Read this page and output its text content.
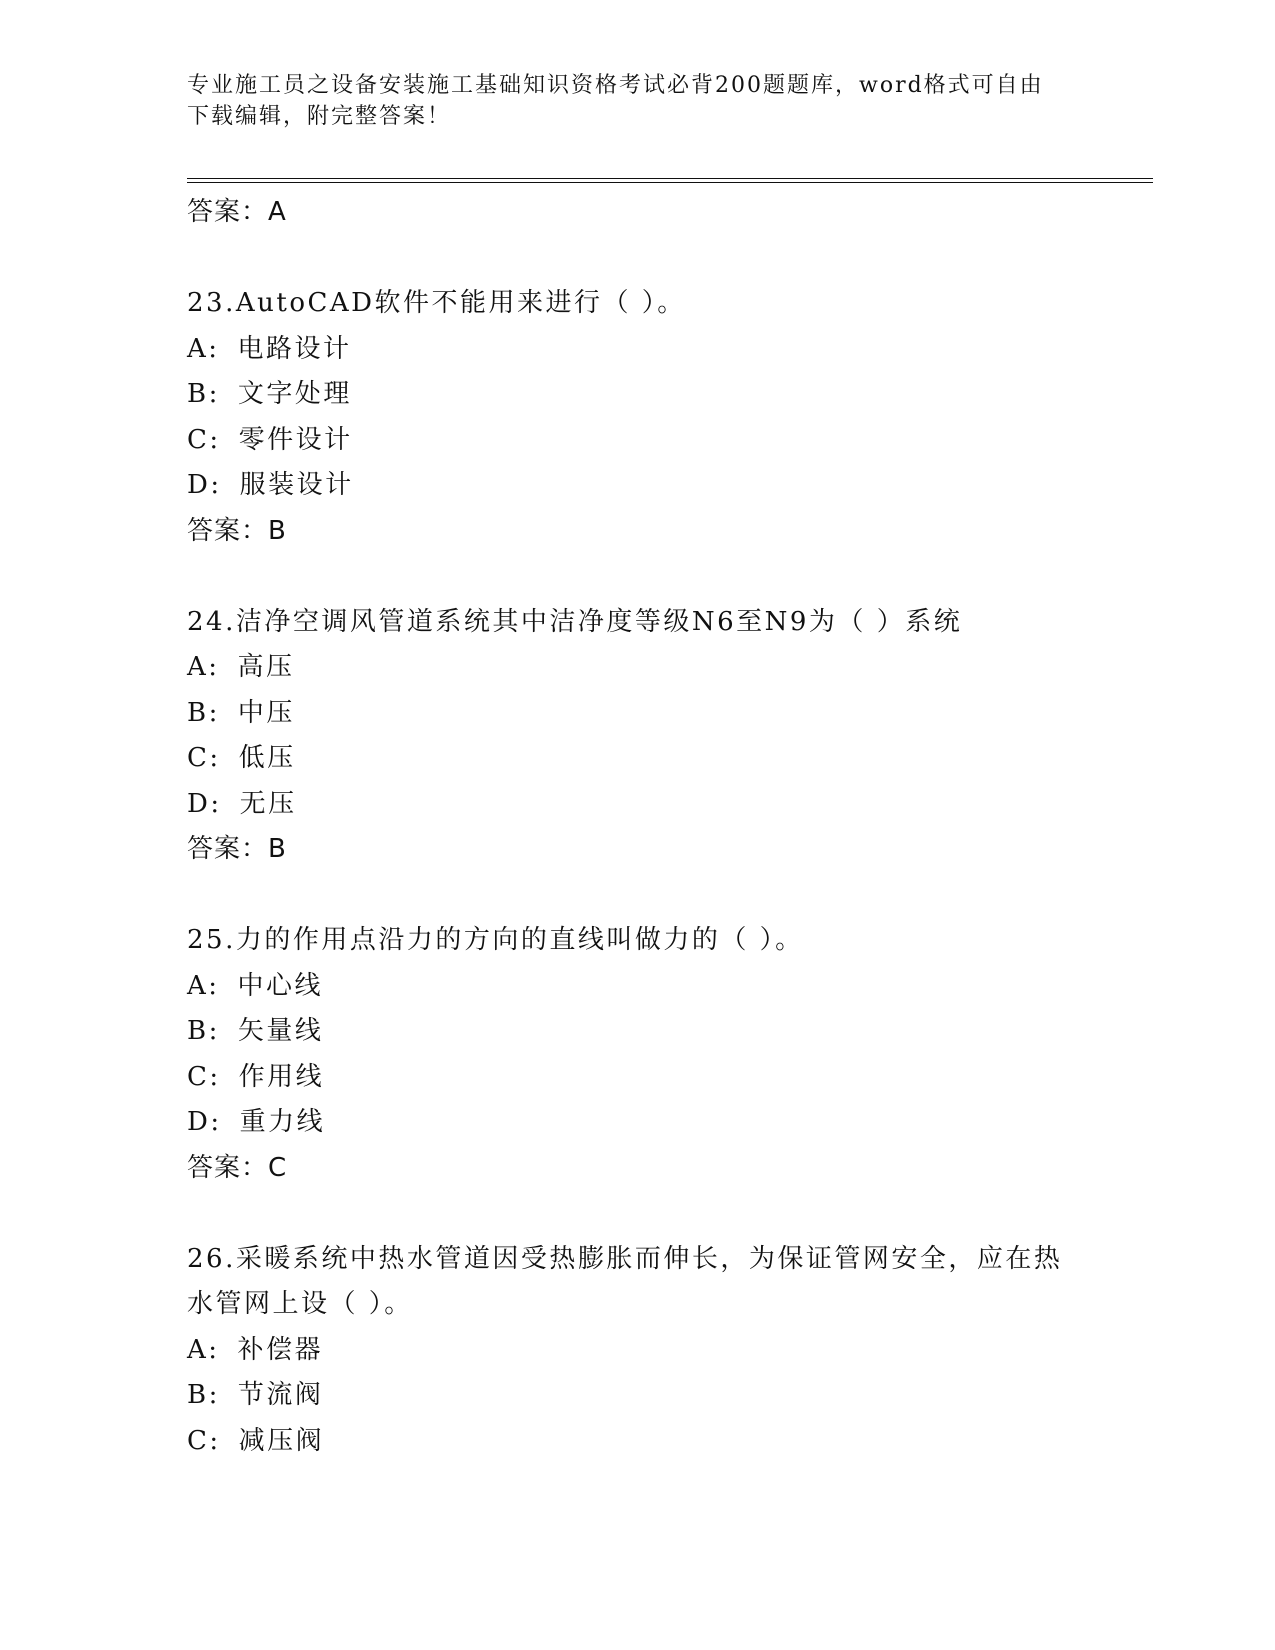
专业施工员之设备安装施工基础知识资格考试必背200题题库，word格式可自由
下载编辑，附完整答案！
答案：A
23.AutoCAD软件不能用来进行（ ）。
A: 电路设计
B: 文字处理
C: 零件设计
D: 服装设计
答案：B
24.洁净空调风管道系统其中洁净度等级N6至N9为（ ）系统
A: 高压
B: 中压
C: 低压
D: 无压
答案：B
25.力的作用点沿力的方向的直线叫做力的（ ）。
A: 中心线
B: 矢量线
C: 作用线
D: 重力线
答案：C
26.采暖系统中热水管道因受热膨胀而伸长，为保证管网安全，应在热
水管网上设（ ）。
A: 补偿器
B: 节流阀
C: 减压阀
